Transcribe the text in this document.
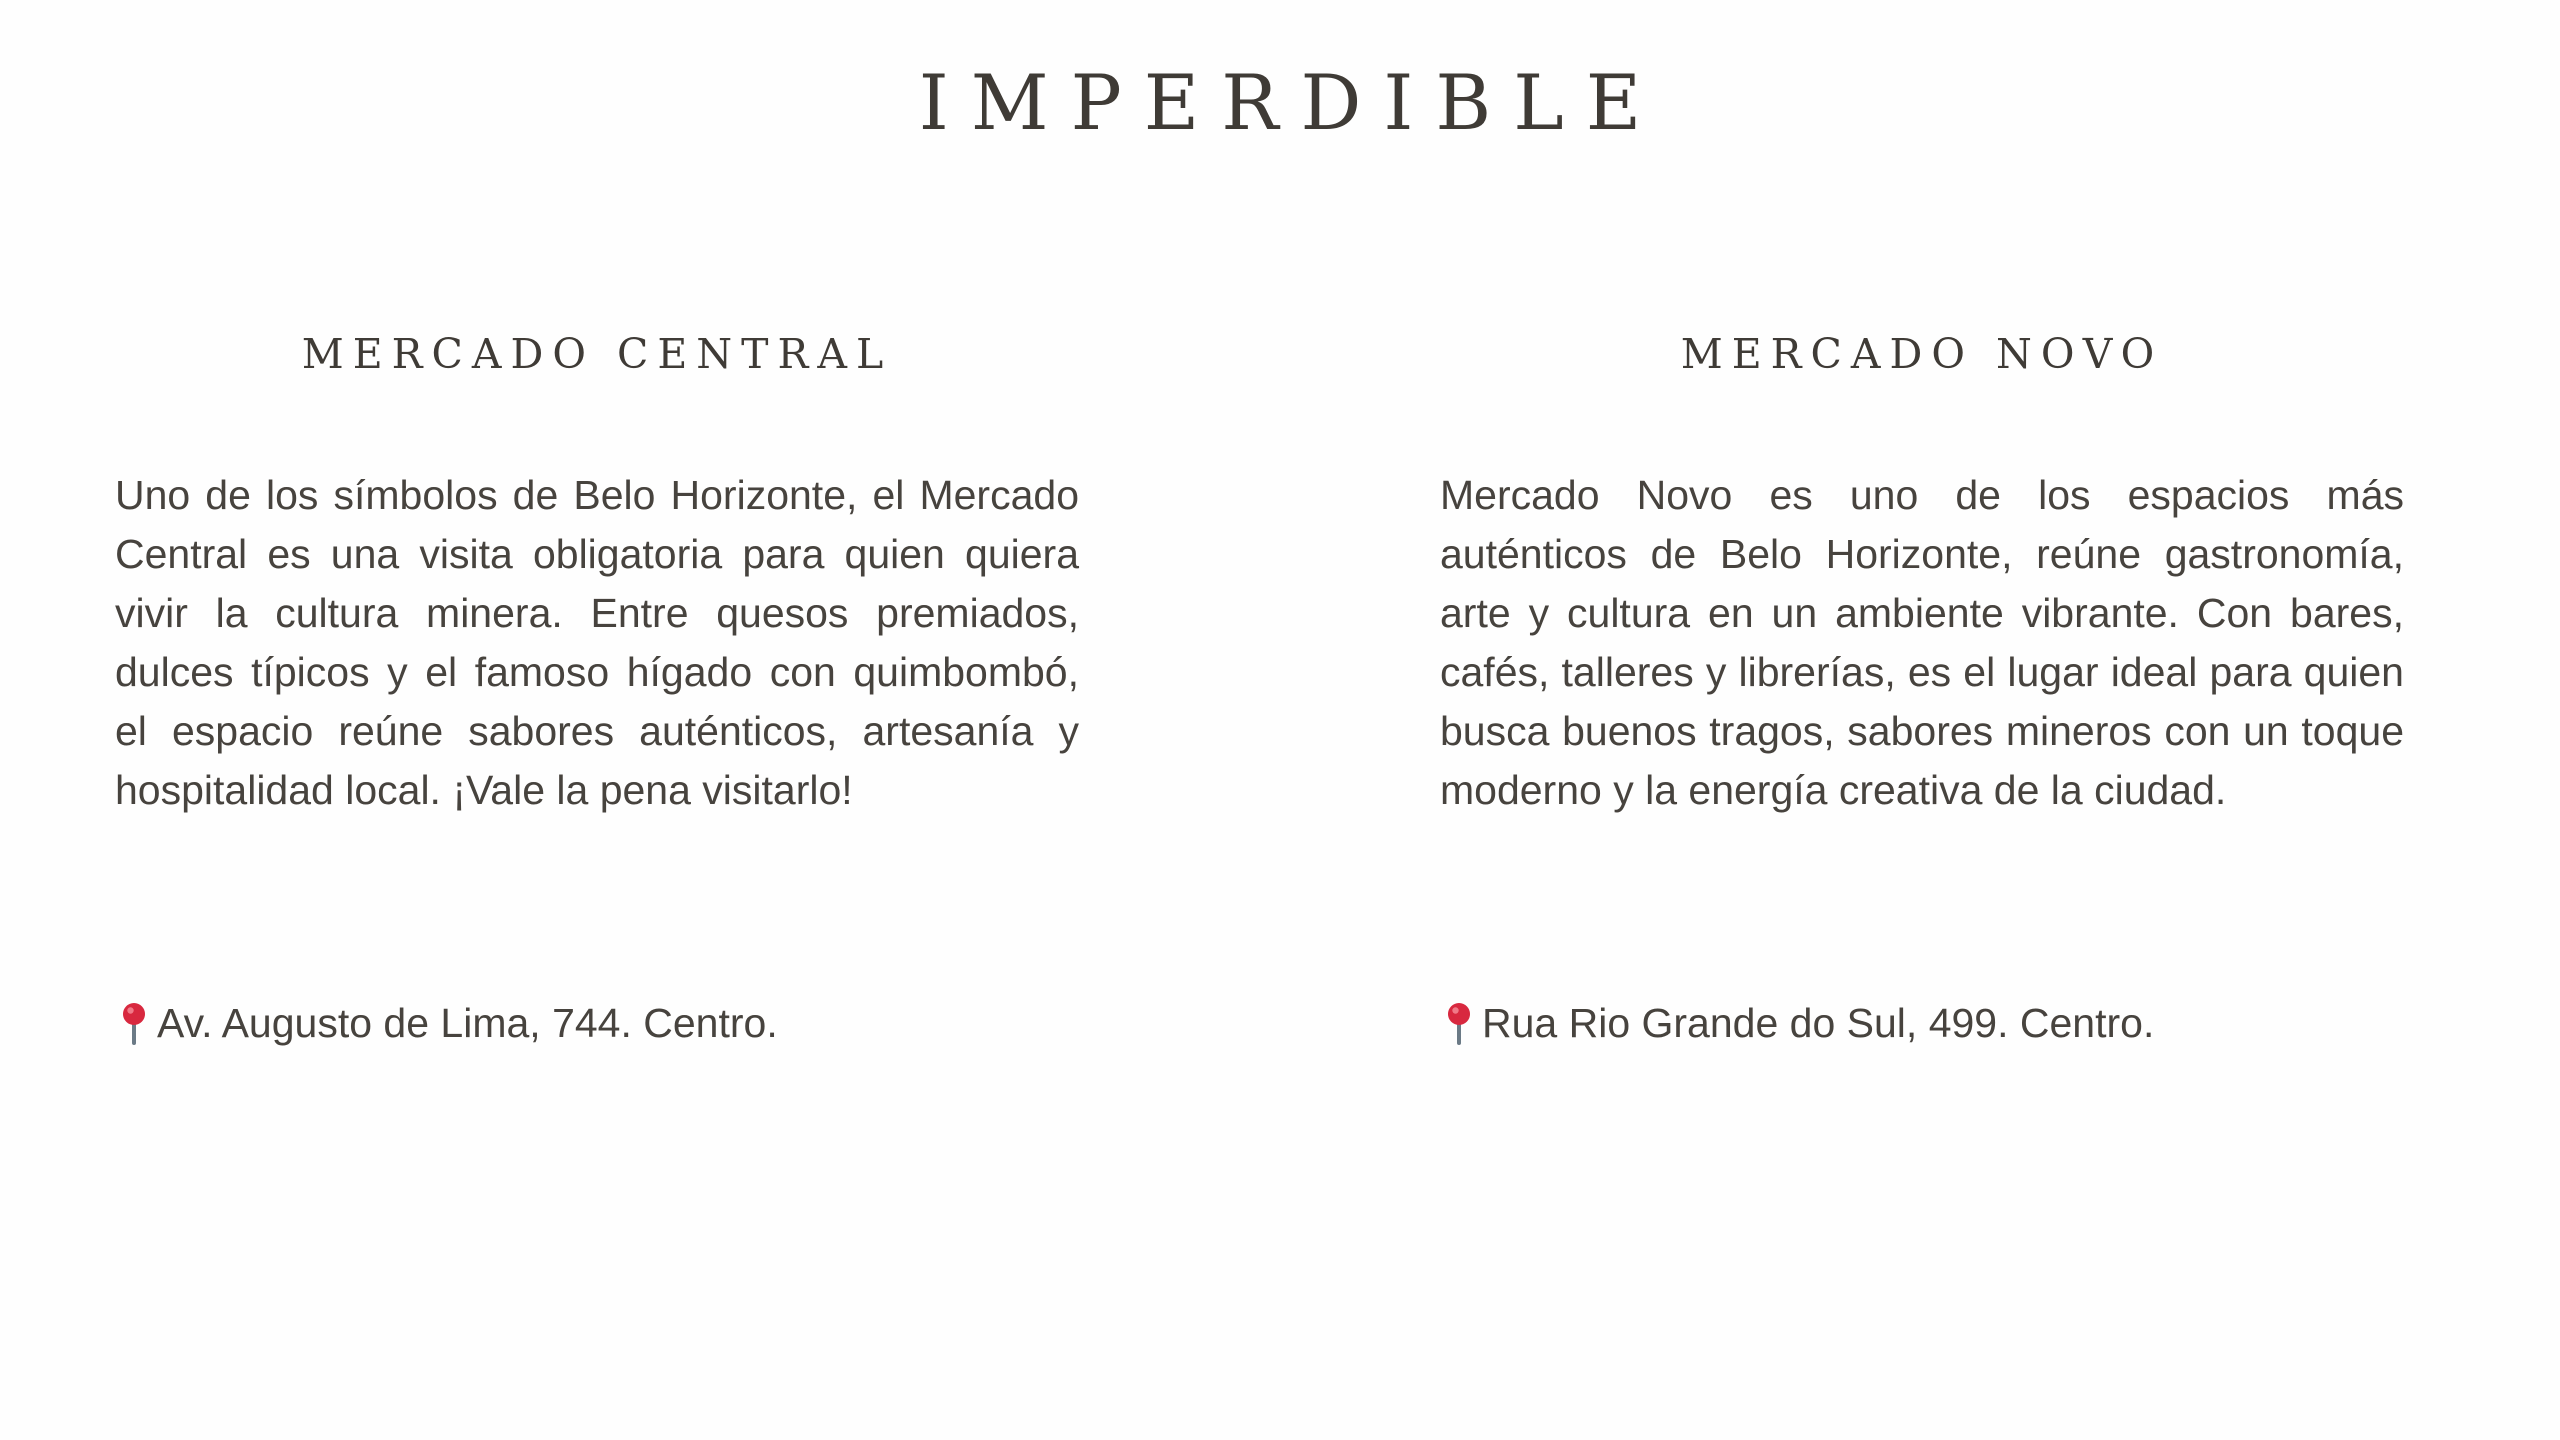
IMPERDIBLE
MERCADO CENTRAL

Uno de los símbolos de Belo Horizonte, el Mercado Central es una visita obligatoria para quien quiera vivir la cultura minera. Entre quesos premiados, dulces típicos y el famoso hígado con quimbombó, el espacio reúne sabores auténticos, artesanía y hospitalidad local. ¡Vale la pena visitarlo!

Av. Augusto de Lima, 744. Centro.
MERCADO NOVO

Mercado Novo es uno de los espacios más auténticos de Belo Horizonte, reúne gastronomía, arte y cultura en un ambiente vibrante. Con bares, cafés, talleres y librerías, es el lugar ideal para quien busca buenos tragos, sabores mineros con un toque moderno y la energía creativa de la ciudad.

Rua Rio Grande do Sul, 499. Centro.
